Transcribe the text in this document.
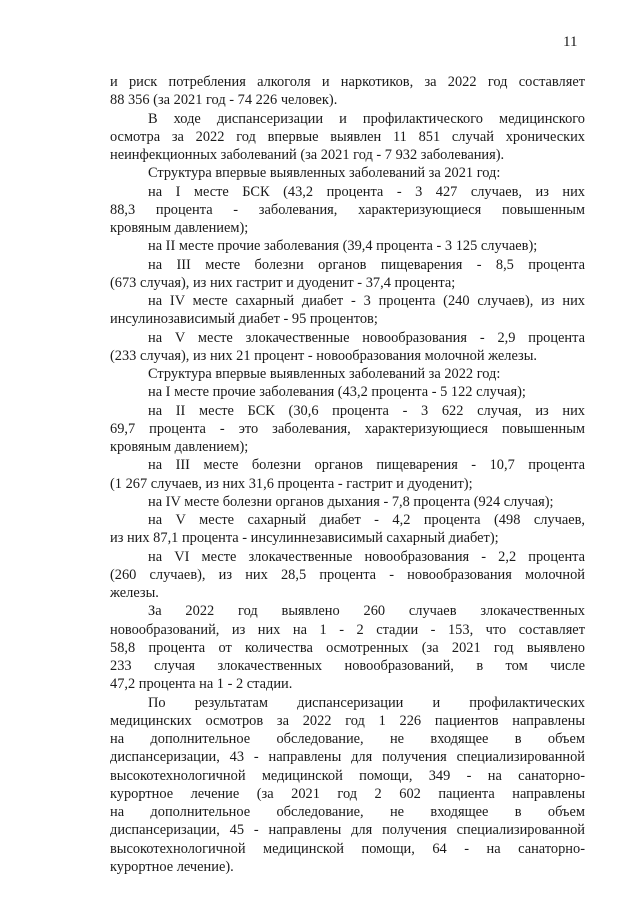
11
и риск потребления алкоголя и наркотиков, за 2022 год составляет
88 356 (за 2021 год - 74 226 человек).
В ходе диспансеризации и профилактического медицинского
осмотра за 2022 год впервые выявлен 11 851 случай хронических
неинфекционных заболеваний (за 2021 год - 7 932 заболевания).
Структура впервые выявленных заболеваний за 2021 год:
на I месте БСК (43,2 процента - 3 427 случаев, из них
88,3 процента - заболевания, характеризующиеся повышенным
кровяным давлением);
на II месте прочие заболевания (39,4 процента - 3 125 случаев);
на III месте болезни органов пищеварения - 8,5 процента
(673 случая), из них гастрит и дуоденит - 37,4 процента;
на IV месте сахарный диабет - 3 процента (240 случаев), из них
инсулинозависимый диабет - 95 процентов;
на V месте злокачественные новообразования - 2,9 процента
(233 случая), из них 21 процент - новообразования молочной железы.
Структура впервые выявленных заболеваний за 2022 год:
на I месте прочие заболевания (43,2 процента - 5 122 случая);
на II месте БСК (30,6 процента - 3 622 случая, из них
69,7 процента - это заболевания, характеризующиеся повышенным
кровяным давлением);
на III месте болезни органов пищеварения - 10,7 процента
(1 267 случаев, из них 31,6 процента - гастрит и дуоденит);
на IV месте болезни органов дыхания - 7,8 процента (924 случая);
на V месте сахарный диабет - 4,2 процента (498 случаев,
из них 87,1 процента - инсулиннезависимый сахарный диабет);
на VI месте злокачественные новообразования - 2,2 процента
(260 случаев), из них 28,5 процента - новообразования молочной
железы.
За 2022 год выявлено 260 случаев злокачественных
новообразований, из них на 1 - 2 стадии - 153, что составляет
58,8 процента от количества осмотренных (за 2021 год выявлено
233 случая злокачественных новообразований, в том числе
47,2 процента на 1 - 2 стадии.
По результатам диспансеризации и профилактических
медицинских осмотров за 2022 год 1 226 пациентов направлены
на дополнительное обследование, не входящее в объем
диспансеризации, 43 - направлены для получения специализированной
высокотехнологичной медицинской помощи, 349 - на санаторно-
курортное лечение (за 2021 год 2 602 пациента направлены
на дополнительное обследование, не входящее в объем
диспансеризации, 45 - направлены для получения специализированной
высокотехнологичной медицинской помощи, 64 - на санаторно-
курортное лечение).
